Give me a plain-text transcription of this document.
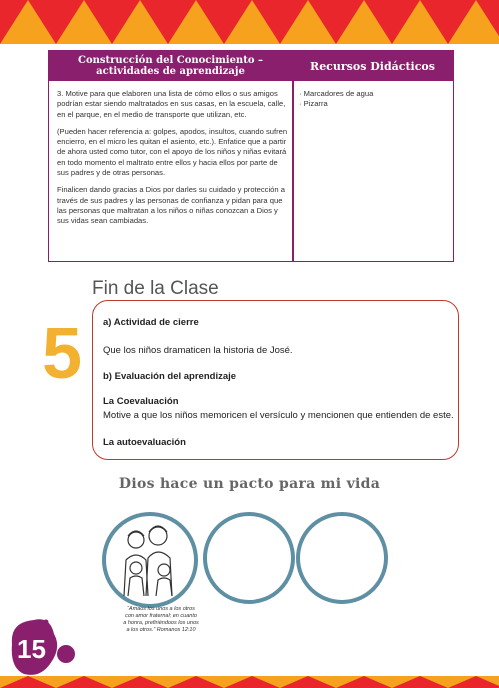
Construcción del Conocimiento –
actividades de aprendizaje	Recursos Didácticos

3. Motive para que elaboren una lista de cómo ellos o sus amigos podrían estar siendo maltratados en sus casas, en la escuela, calle, en el parque, en el medio de transporte que utilizan, etc.

(Pueden hacer referencia a: golpes, apodos, insultos, cuando sufren encierro, en el micro les quitan el asiento, etc.). Enfatice que a partir de ahora usted como tutor, con el apoyo de los niños y niñas evitará en todo momento el maltrato entre ellos y hacia ellos por parte de sus padres y de otras personas.

Finalicen dando gracias a Dios por darles su cuidado y protección a través de sus padres y las personas de confianza y pidan para que las personas que maltratan a los niños o niñas conozcan a Dios y sus vidas sean cambiadas.

· Marcadores de agua
· Pizarra
Fin de la Clase
a) Actividad de cierre
Que los niños dramaticen la historia de José.
b) Evaluación del aprendizaje
La Coevaluación
Motive a que los niños memoricen el versículo y mencionen que entienden de este.
La autoevaluación
5
Dios hace un pacto para mi vida
“Amaos los unos a los otros
con amor fraternal; en cuanto
a honra, prefiriéndoos los unos
a los otros.” Romanos 12:10
15
